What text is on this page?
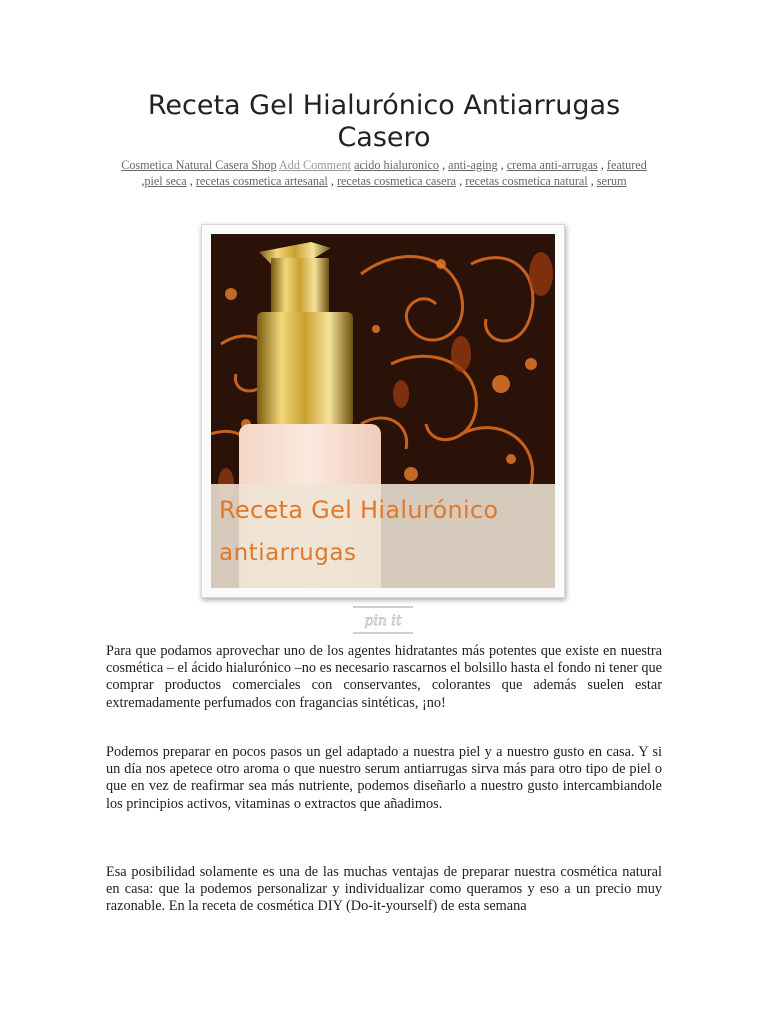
Receta Gel Hialurónico Antiarrugas Casero
Cosmetica Natural Casera Shop Add Comment acido hialuronico , anti-aging , crema anti-arrugas , featured ,piel seca , recetas cosmetica artesanal , recetas cosmetica casera , recetas cosmetica natural , serum

Receta Gel Hialurónico

antiarrugas

pin it

Para que podamos aprovechar uno de los agentes hidratantes más potentes que existe en nuestra cosmética – el ácido hialurónico –no es necesario rascarnos el bolsillo hasta el fondo ni tener que comprar productos comerciales con conservantes, colorantes que además suelen estar extremadamente perfumados con fragancias sintéticas, ¡no!

Podemos preparar en pocos pasos un gel adaptado a nuestra piel y a nuestro gusto en casa. Y si un día nos apetece otro aroma o que nuestro serum antiarrugas sirva más para otro tipo de piel o que en vez de reafirmar sea más nutriente, podemos diseñarlo a nuestro gusto intercambiandole los principios activos, vitaminas o extractos que añadimos.

Esa posibilidad solamente es una de las muchas ventajas de preparar nuestra cosmética natural en casa: que la podemos personalizar y individualizar como queramos y eso a un precio muy razonable. En la receta de cosmética DIY (Do-it-yourself) de esta semana
